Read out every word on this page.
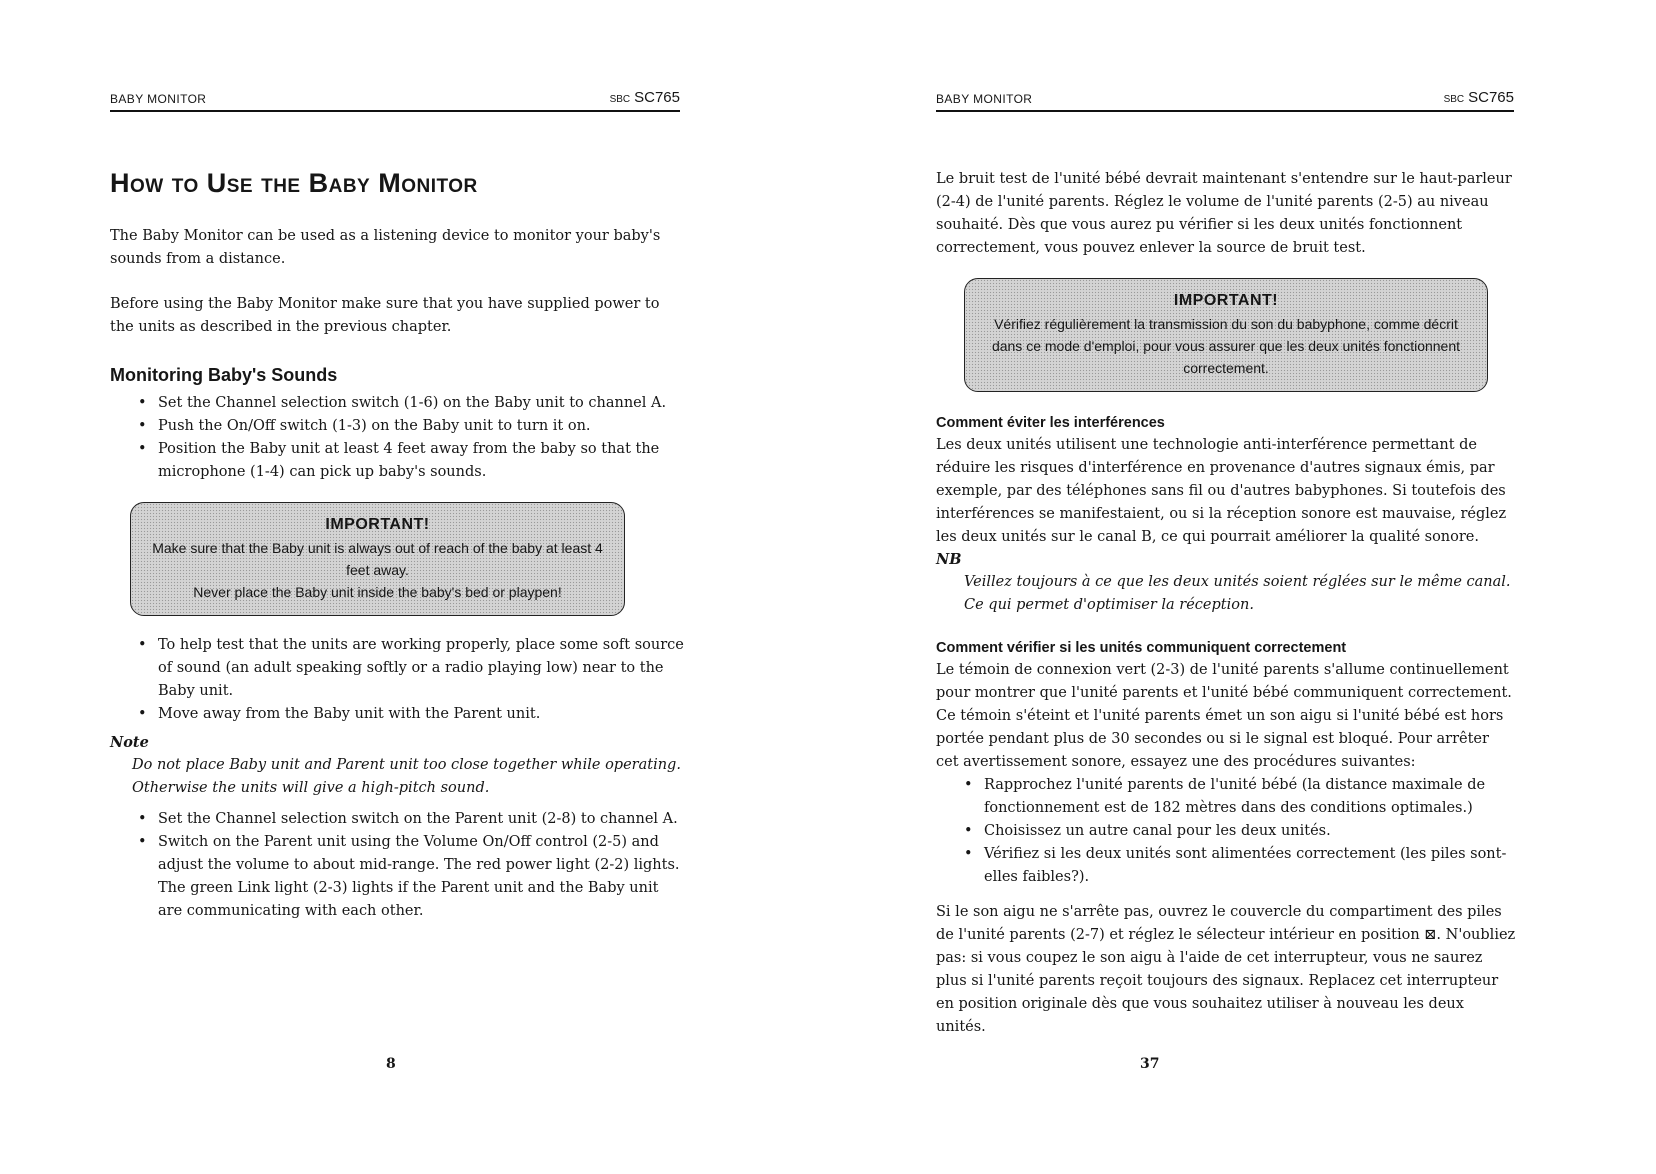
BABY MONITOR	SBC SC765
How to Use the Baby Monitor

The Baby Monitor can be used as a listening device to monitor your baby's sounds from a distance.

Before using the Baby Monitor make sure that you have supplied power to the units as described in the previous chapter.

Monitoring Baby's Sounds
• Set the Channel selection switch (1-6) on the Baby unit to channel A.
• Push the On/Off switch (1-3) on the Baby unit to turn it on.
• Position the Baby unit at least 4 feet away from the baby so that the microphone (1-4) can pick up baby's sounds.
IMPORTANT!
Make sure that the Baby unit is always out of reach of the baby at least 4 feet away.
Never place the Baby unit inside the baby's bed or playpen!
• To help test that the units are working properly, place some soft source of sound (an adult speaking softly or a radio playing low) near to the Baby unit.
• Move away from the Baby unit with the Parent unit.
Note
Do not place Baby unit and Parent unit too close together while operating. Otherwise the units will give a high-pitch sound.
• Set the Channel selection switch on the Parent unit (2-8) to channel A.
• Switch on the Parent unit using the Volume On/Off control (2-5) and adjust the volume to about mid-range. The red power light (2-2) lights. The green Link light (2-3) lights if the Parent unit and the Baby unit are communicating with each other.
8
BABY MONITOR	SBC SC765

Le bruit test de l'unité bébé devrait maintenant s'entendre sur le haut-parleur (2-4) de l'unité parents. Réglez le volume de l'unité parents (2-5) au niveau souhaité. Dès que vous aurez pu vérifier si les deux unités fonctionnent correctement, vous pouvez enlever la source de bruit test.

IMPORTANT!
Vérifiez régulièrement la transmission du son du babyphone, comme décrit dans ce mode d'emploi, pour vous assurer que les deux unités fonctionnent correctement.
Comment éviter les interférences

Les deux unités utilisent une technologie anti-interférence permettant de réduire les risques d'interférence en provenance d'autres signaux émis, par exemple, par des téléphones sans fil ou d'autres babyphones. Si toutefois des interférences se manifestaient, ou si la réception sonore est mauvaise, réglez les deux unités sur le canal B, ce qui pourrait améliorer la qualité sonore.

NB
Veillez toujours à ce que les deux unités soient réglées sur le même canal. Ce qui permet d'optimiser la réception.
Comment vérifier si les unités communiquent correctement

Le témoin de connexion vert (2-3) de l'unité parents s'allume continuellement pour montrer que l'unité parents et l'unité bébé communiquent correctement.

Ce témoin s'éteint et l'unité parents émet un son aigu si l'unité bébé est hors portée pendant plus de 30 secondes ou si le signal est bloqué. Pour arrêter cet avertissement sonore, essayez une des procédures suivantes:

• Rapprochez l'unité parents de l'unité bébé (la distance maximale de fonctionnement est de 182 mètres dans des conditions optimales.)
• Choisissez un autre canal pour les deux unités.
• Vérifiez si les deux unités sont alimentées correctement (les piles sont-elles faibles?).

Si le son aigu ne s'arrête pas, ouvrez le couvercle du compartiment des piles de l'unité parents (2-7) et réglez le sélecteur intérieur en position ⊠. N'oubliez pas: si vous coupez le son aigu à l'aide de cet interrupteur, vous ne saurez plus si l'unité parents reçoit toujours des signaux. Replacez cet interrupteur en position originale dès que vous souhaitez utiliser à nouveau les deux unités.

37
